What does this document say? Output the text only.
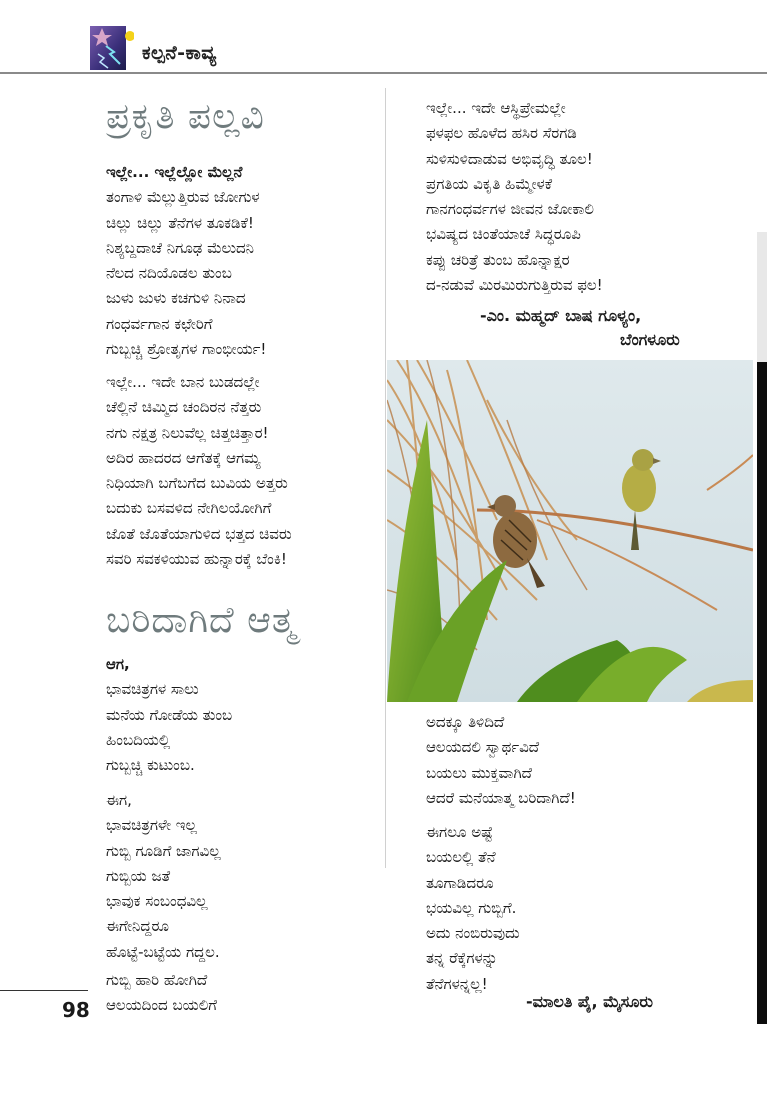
ಕಲ್ಪನೆ-ಕಾವ್ಯ
ಪ್ರಕೃತಿ ಪಲ್ಲವಿ

ಇಲ್ಲೇ... ಇಲ್ಲೆಲ್ಲೋ ಮೆಲ್ಲನೆ

ತಂಗಾಳಿ ಮೆಲ್ಲುತ್ತಿರುವ ಜೋಗುಳ

ಚಿಲ್ಲು ಚಿಲ್ಲು ತೆನೆಗಳ ತೂಕಡಿಕೆ!

ನಿಶ್ಯಬ್ದದಾಚೆ ನಿಗೂಢ ಮೆಲುದನಿ

ನೆಲದ ನದಿಯೊಡಲ ತುಂಬ

ಜುಳು ಜುಳು ಕಚಗುಳಿ ನಿನಾದ

ಗಂಧರ್ವಗಾನ ಕಛೇರಿಗೆ

ಗುಬ್ಬಚ್ಚಿ ಶ್ರೋತೃಗಳ ಗಾಂಭೀರ್ಯ!

ಇಲ್ಲೇ... ಇದೇ ಬಾನ ಬುಡದಲ್ಲೇ

ಚೆಲ್ಲಿನೆ ಚಿಮ್ಮಿದ ಚಂದಿರನ ನೆತ್ತರು

ನಗು ನಕ್ಷತ್ರ ನಿಲುವೆಲ್ಲ ಚಿತ್ತಚಿತ್ತಾರ!

ಅದಿರ ಹಾದರದ ಆಗೆತಕ್ಕೆ ಆಗಮ್ಯ

ನಿಧಿಯಾಗಿ ಬಗೆಬಗೆದ ಬುವಿಯ ಅತ್ತರು

ಬದುಕು ಬಸವಳಿದ ನೇಗಿಲಯೋಗಿಗೆ

ಜೊತೆ ಜೊತೆಯಾಗುಳಿದ ಭತ್ತದ ಚಿವರು

ಸವರಿ ಸವಕಳಿಯುವ ಹುನ್ನಾರಕ್ಕೆ ಬೆಂಕಿ!

ಇಲ್ಲೇ... ಇದೇ ಆಸ್ಥಿಪ್ರೇಮಲ್ಲೇ

ಫಳಫಲ ಹೊಳೆದ ಹಸಿರ ಸೆರಗಡಿ

ಸುಳಿಸುಳಿದಾಡುವ ಅಭಿವೃದ್ಧಿ ತೂಲ!

ಪ್ರಗತಿಯ ವಿಕೃತಿ ಹಿಮ್ಮೇಳಕೆ

ಗಾನಗಂಧರ್ವಗಳ ಜೀವನ ಜೋಕಾಲಿ

ಭವಿಷ್ಯದ ಚಿಂತೆಯಾಚೆ ಸಿದ್ಧರೂಪಿ

ಕಪ್ಪು ಚರಿತ್ರೆ ತುಂಬ ಹೊನ್ನಾಕ್ಷರ

ದ-ನಡುವೆ ಮಿರಮಿರುಗುತ್ತಿರುವ ಫಲ!

-ಎಂ. ಮಹ್ಮದ್ ಬಾಷ ಗೂಳ್ಯಂ,
ಬೆಂಗಳೂರು
ಬರಿದಾಗಿದೆ ಆತ್ಮ

ಆಗ,

ಭಾವಚಿತ್ರಗಳ ಸಾಲು

ಮನೆಯ ಗೋಡೆಯ ತುಂಬ

ಹಿಂಬದಿಯಲ್ಲಿ

ಗುಬ್ಬಚ್ಚಿ ಕುಟುಂಬ.

ಈಗ,

ಭಾವಚಿತ್ರಗಳೇ ಇಲ್ಲ

ಗುಬ್ಬಿ ಗೂಡಿಗೆ ಜಾಗವಿಲ್ಲ

ಗುಬ್ಬಿಯ ಜತೆ

ಭಾವುಕ ಸಂಬಂಧವಿಲ್ಲ

ಈಗೇನಿದ್ದರೂ

ಹೊಟ್ಟೆ-ಬಟ್ಟೆಯ ಗದ್ದಲ.

ಗುಬ್ಬಿ ಹಾರಿ ಹೋಗಿದೆ

ಆಲಯದಿಂದ ಬಯಲಿಗೆ

ಅದಕ್ಕೂ ತಿಳಿದಿದೆ

ಆಲಯದಲಿ ಸ್ವಾರ್ಥವಿದೆ

ಬಯಲು ಮುಕ್ತವಾಗಿದೆ

ಆದರೆ ಮನೆಯಾತ್ಮ ಬರಿದಾಗಿದೆ!

ಈಗಲೂ ಅಷ್ಟೆ

ಬಯಲಲ್ಲಿ ತೆನೆ

ತೂಗಾಡಿದರೂ

ಭಯವಿಲ್ಲ ಗುಬ್ಬಿಗೆ.

ಅದು ನಂಬಿರುವುದು

ತನ್ನ ರೆಕ್ಕೆಗಳನ್ನು

ತೆನೆಗಳನ್ನಲ್ಲ!

-ಮಾಲತಿ ಪೈ, ಮೈಸೂರು
98
